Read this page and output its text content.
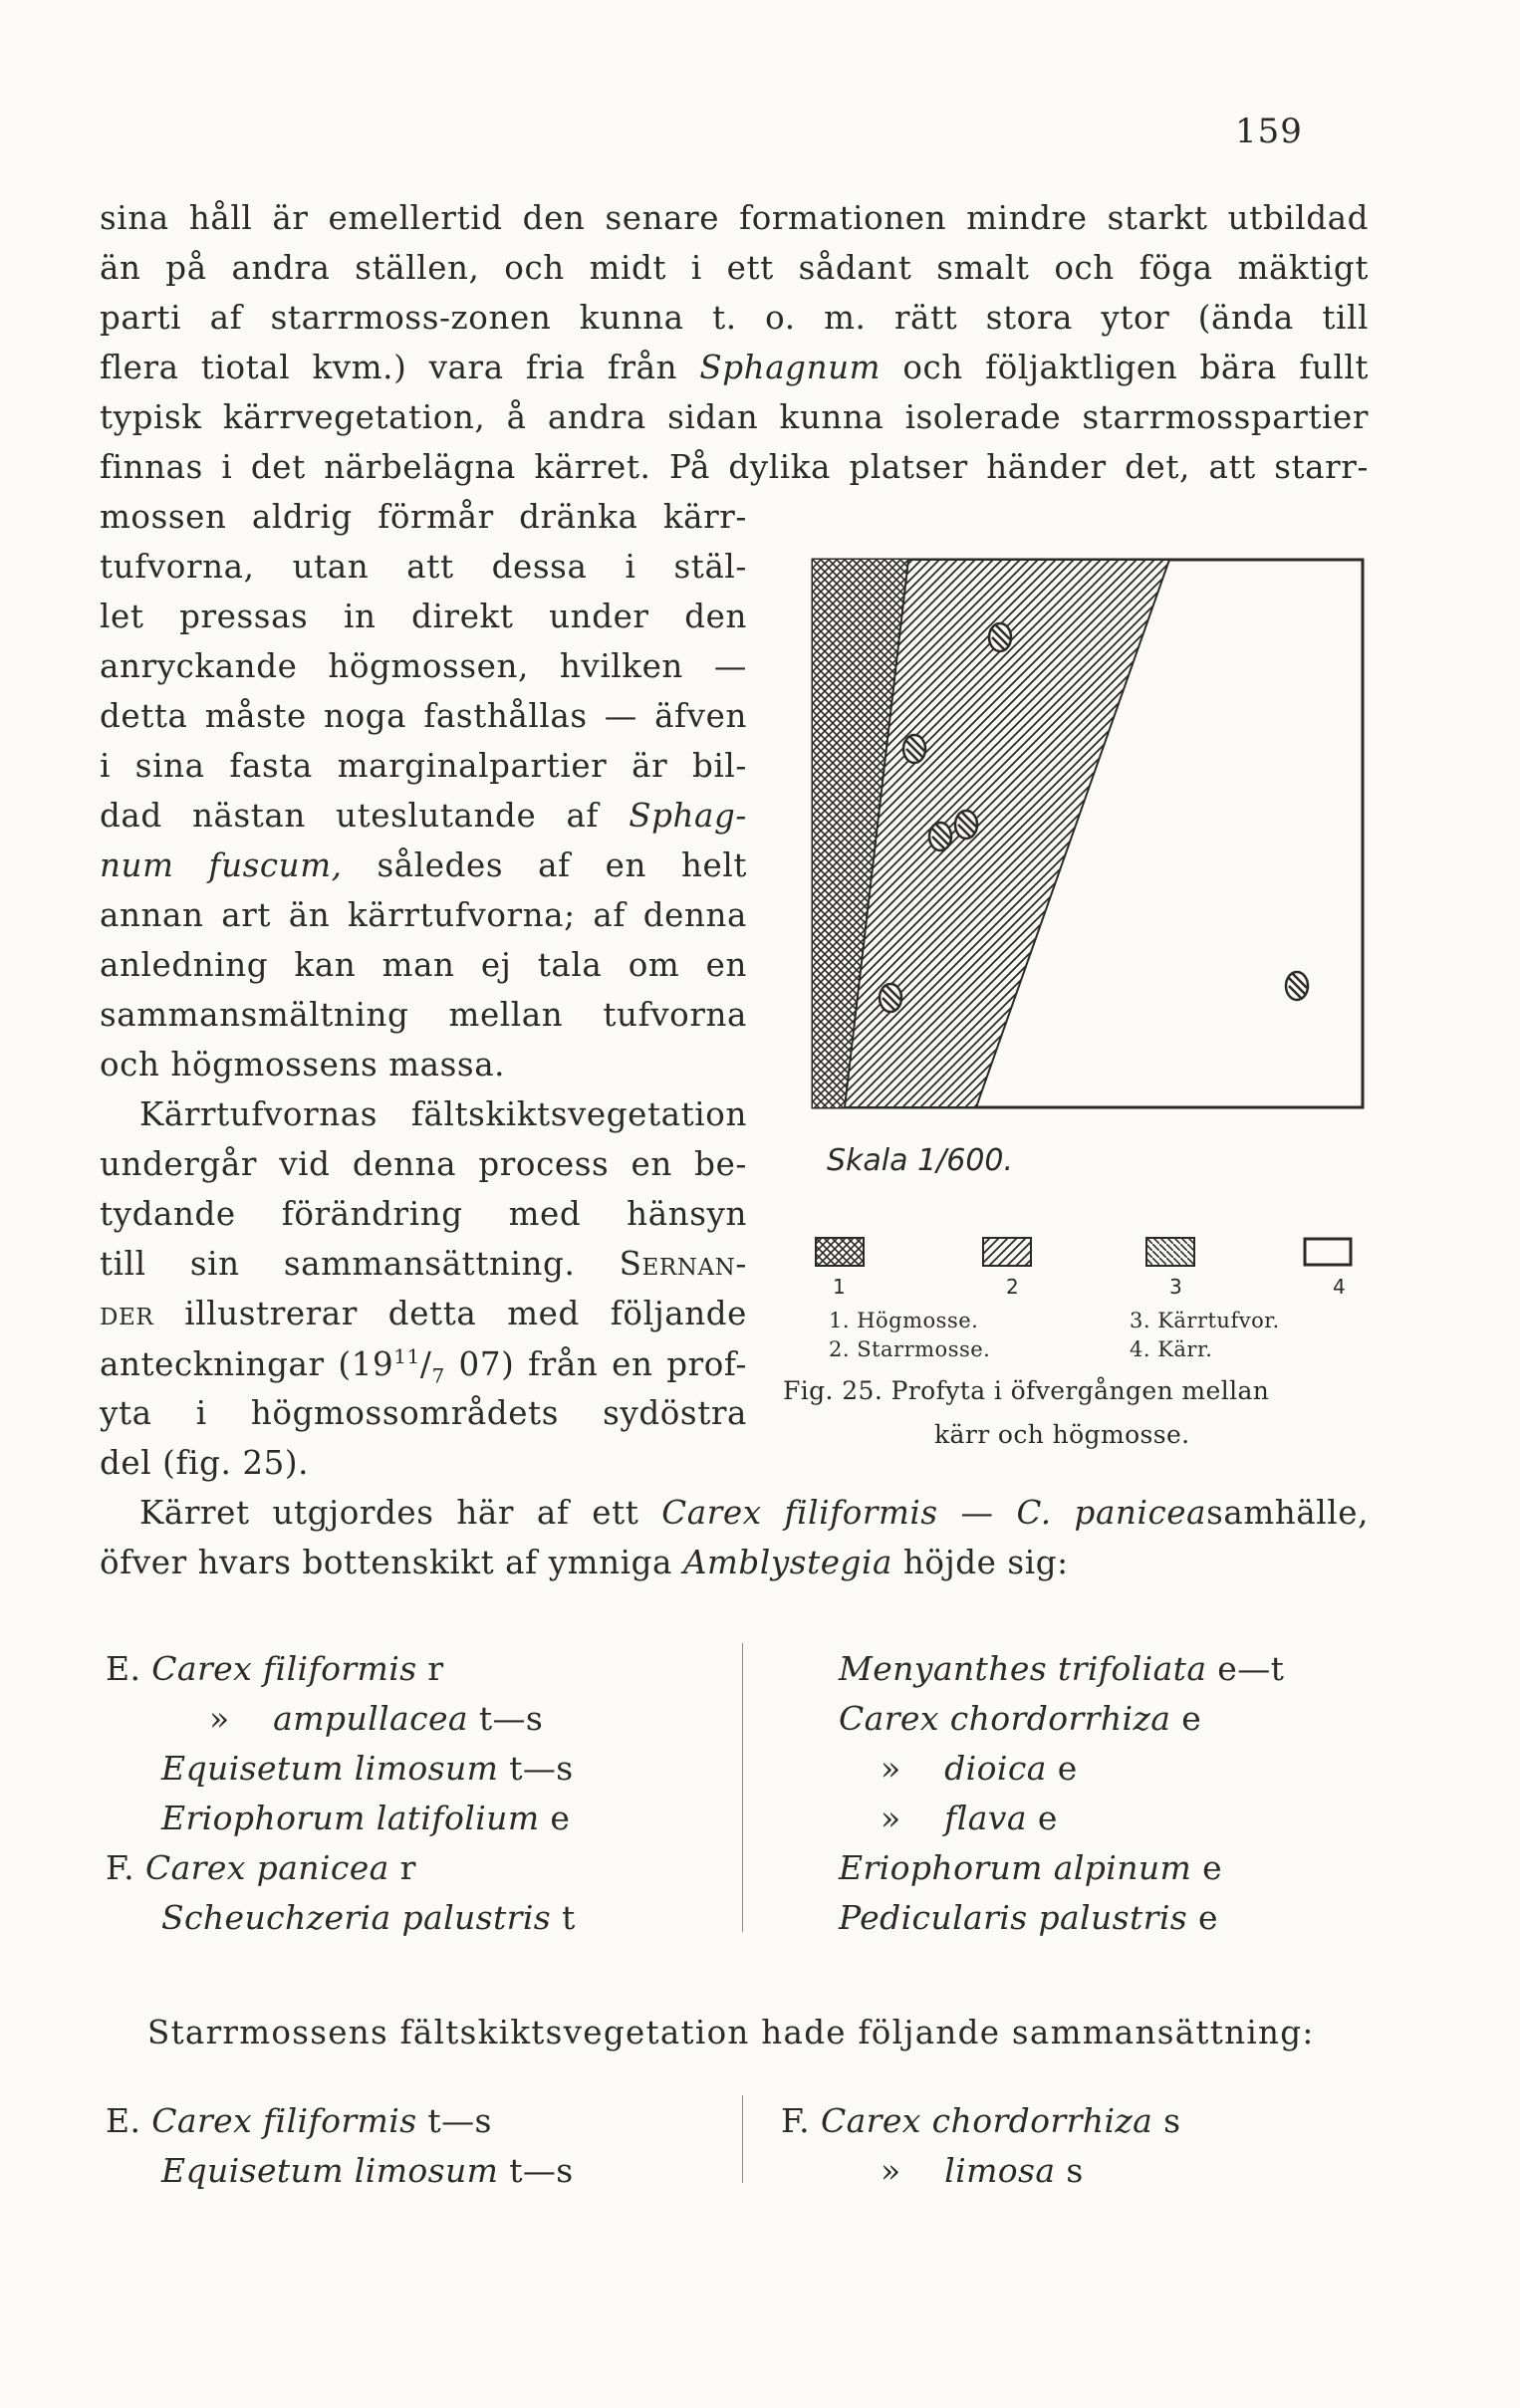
159
sina håll är emellertid den senare formationen mindre starkt utbildad
än på andra ställen, och midt i ett sådant smalt och föga mäktigt
parti af starrmoss-zonen kunna t. o. m. rätt stora ytor (ända till
flera tiotal kvm.) vara fria från Sphagnum och följaktligen bära fullt
typisk kärrvegetation, å andra sidan kunna isolerade starrmosspartier
finnas i det närbelägna kärret. På dylika platser händer det, att starr-
mossen aldrig förmår dränka kärr-
tufvorna, utan att dessa i stäl-
let pressas in direkt under den
anryckande högmossen, hvilken —
detta måste noga fasthållas — äfven
i sina fasta marginalpartier är bil-
dad nästan uteslutande af Sphag-
num fuscum, således af en helt
annan art än kärrtufvorna; af denna
anledning kan man ej tala om en
sammansmältning mellan tufvorna
och högmossens massa.
Kärrtufvornas fältskiktsvegetation
undergår vid denna process en be-
tydande förändring med hänsyn
till sin sammansättning. Sernan-
der illustrerar detta med följande
anteckningar ($19^{11}/_7$ 07) från en prof-
yta i högmossområdets sydöstra
del (fig. 25).
Kärret utgjordes här af ett Carex filiformis — C. paniceasamhälle,
öfver hvars bottenskikt af ymniga Amblystegia höjde sig:
Skala 1/600.
1	2	3	4
1. Högmosse.
2. Starrmosse.
3. Kärrtufvor.
4. Kärr.
Fig. 25. Profyta i öfvergången mellan
kärr och högmosse.
E. Carex filiformis r
» ampullacea t—s
Equisetum limosum t—s
Eriophorum latifolium e
F. Carex panicea r
Scheuchzeria palustris t
Menyanthes trifoliata e—t
Carex chordorrhiza e
» dioica e
» flava e
Eriophorum alpinum e
Pedicularis palustris e
Starrmossens fältskiktsvegetation hade följande sammansättning:
E. Carex filiformis t—s
Equisetum limosum t—s
F. Carex chordorrhiza s
» limosa s
